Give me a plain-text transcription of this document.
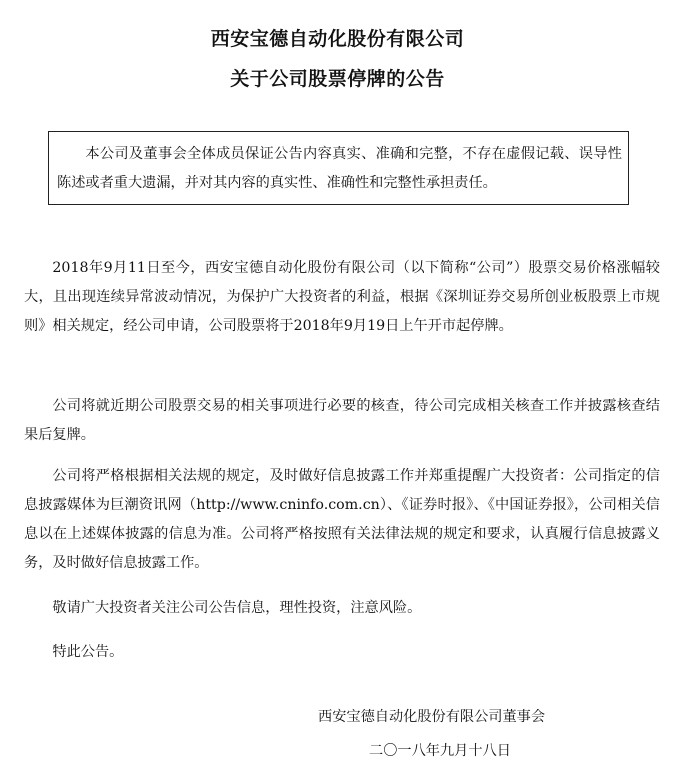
西安宝德自动化股份有限公司
关于公司股票停牌的公告

本公司及董事会全体成员保证公告内容真实、准确和完整，不存在虚假记载、误导性陈述或者重大遗漏，并对其内容的真实性、准确性和完整性承担责任。

2018年9月11日至今，西安宝德自动化股份有限公司（以下简称“公司”）股票交易价格涨幅较大，且出现连续异常波动情况，为保护广大投资者的利益，根据《深圳证券交易所创业板股票上市规则》相关规定，经公司申请，公司股票将于2018年9月19日上午开市起停牌。

公司将就近期公司股票交易的相关事项进行必要的核查，待公司完成相关核查工作并披露核查结果后复牌。

公司将严格根据相关法规的规定，及时做好信息披露工作并郑重提醒广大投资者：公司指定的信息披露媒体为巨潮资讯网（http://www.cninfo.com.cn）、《证券时报》、《中国证券报》，公司相关信息以在上述媒体披露的信息为准。公司将严格按照有关法律法规的规定和要求，认真履行信息披露义务，及时做好信息披露工作。

敬请广大投资者关注公司公告信息，理性投资，注意风险。

特此公告。

西安宝德自动化股份有限公司董事会
二〇一八年九月十八日
